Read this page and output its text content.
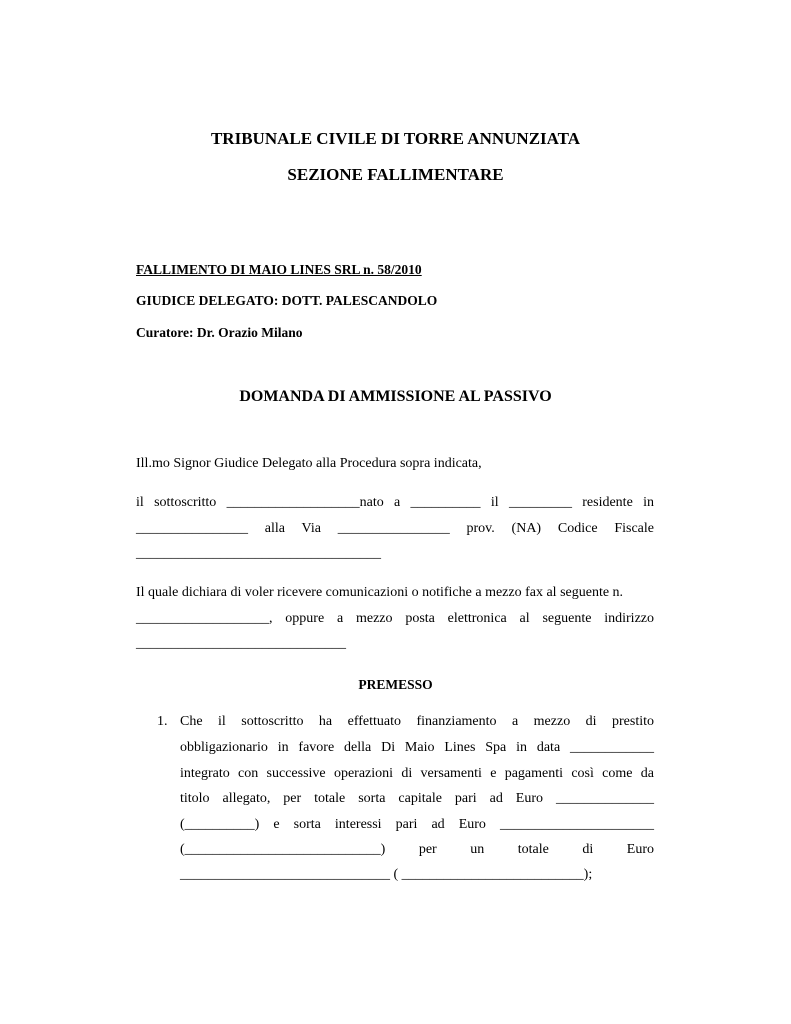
TRIBUNALE CIVILE DI TORRE ANNUNZIATA
SEZIONE FALLIMENTARE
FALLIMENTO DI MAIO LINES SRL n. 58/2010
GIUDICE DELEGATO: DOTT. PALESCANDOLO
Curatore: Dr. Orazio Milano
DOMANDA DI AMMISSIONE AL PASSIVO
Ill.mo Signor Giudice Delegato alla Procedura sopra indicata,
il sottoscritto ___________________nato a __________ il _________ residente in
________________ alla Via ________________ prov. (NA) Codice Fiscale
___________________________________
Il quale dichiara di voler ricevere comunicazioni o notifiche a mezzo fax al seguente n.
___________________, oppure a mezzo posta elettronica al seguente indirizzo
______________________________
PREMESSO
1. Che il sottoscritto ha effettuato finanziamento a mezzo di prestito
obbligazionario in favore della Di Maio Lines Spa in data ____________
integrato con successive operazioni di versamenti e pagamenti così come da
titolo allegato, per totale sorta capitale pari ad Euro ______________
(__________) e sorta interessi pari ad Euro ______________________
(____________________________) per un totale di Euro
______________________________ ( __________________________);
